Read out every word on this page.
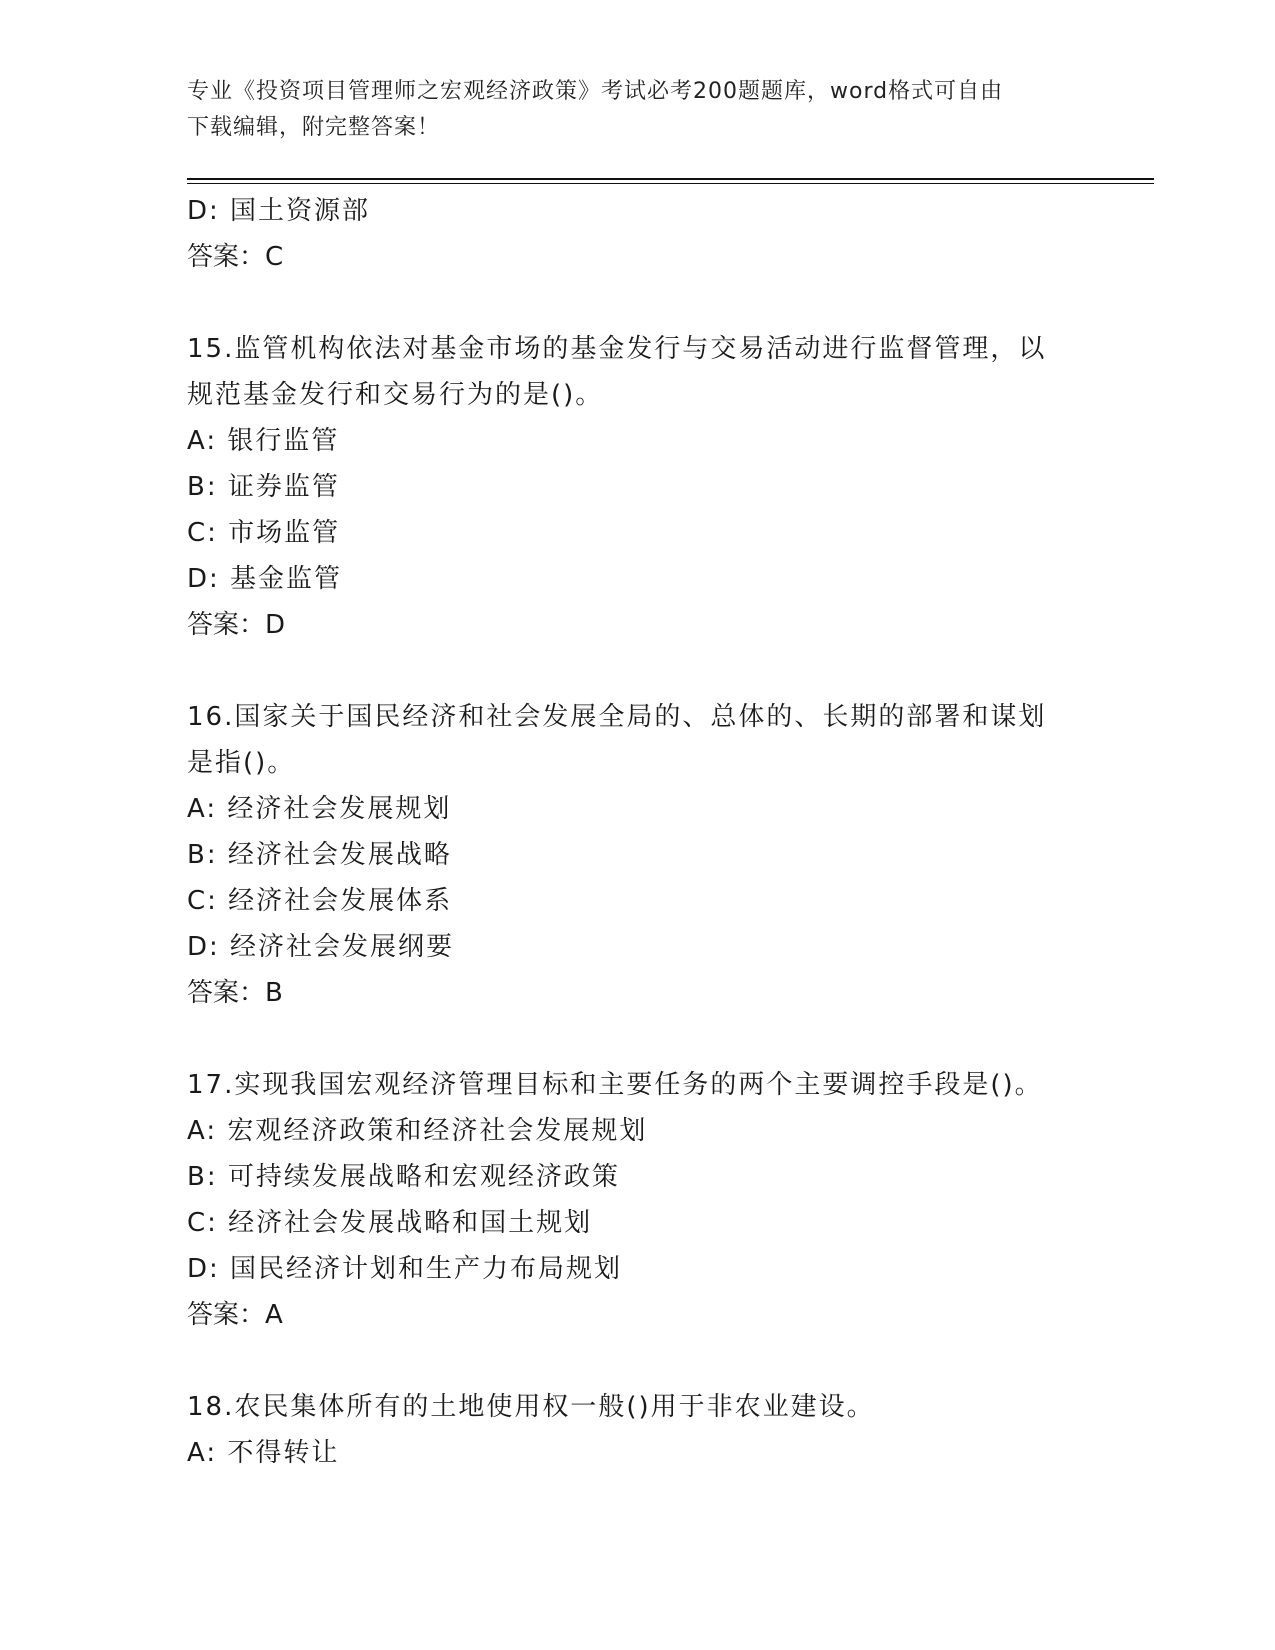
专业《投资项目管理师之宏观经济政策》考试必考200题题库，word格式可自由
下载编辑，附完整答案！
D: 国土资源部
答案：C
15.监管机构依法对基金市场的基金发行与交易活动进行监督管理，以
规范基金发行和交易行为的是()。
A: 银行监管
B: 证券监管
C: 市场监管
D: 基金监管
答案：D
16.国家关于国民经济和社会发展全局的、总体的、长期的部署和谋划
是指()。
A: 经济社会发展规划
B: 经济社会发展战略
C: 经济社会发展体系
D: 经济社会发展纲要
答案：B
17.实现我国宏观经济管理目标和主要任务的两个主要调控手段是()。
A: 宏观经济政策和经济社会发展规划
B: 可持续发展战略和宏观经济政策
C: 经济社会发展战略和国土规划
D: 国民经济计划和生产力布局规划
答案：A
18.农民集体所有的土地使用权一般()用于非农业建设。
A: 不得转让
